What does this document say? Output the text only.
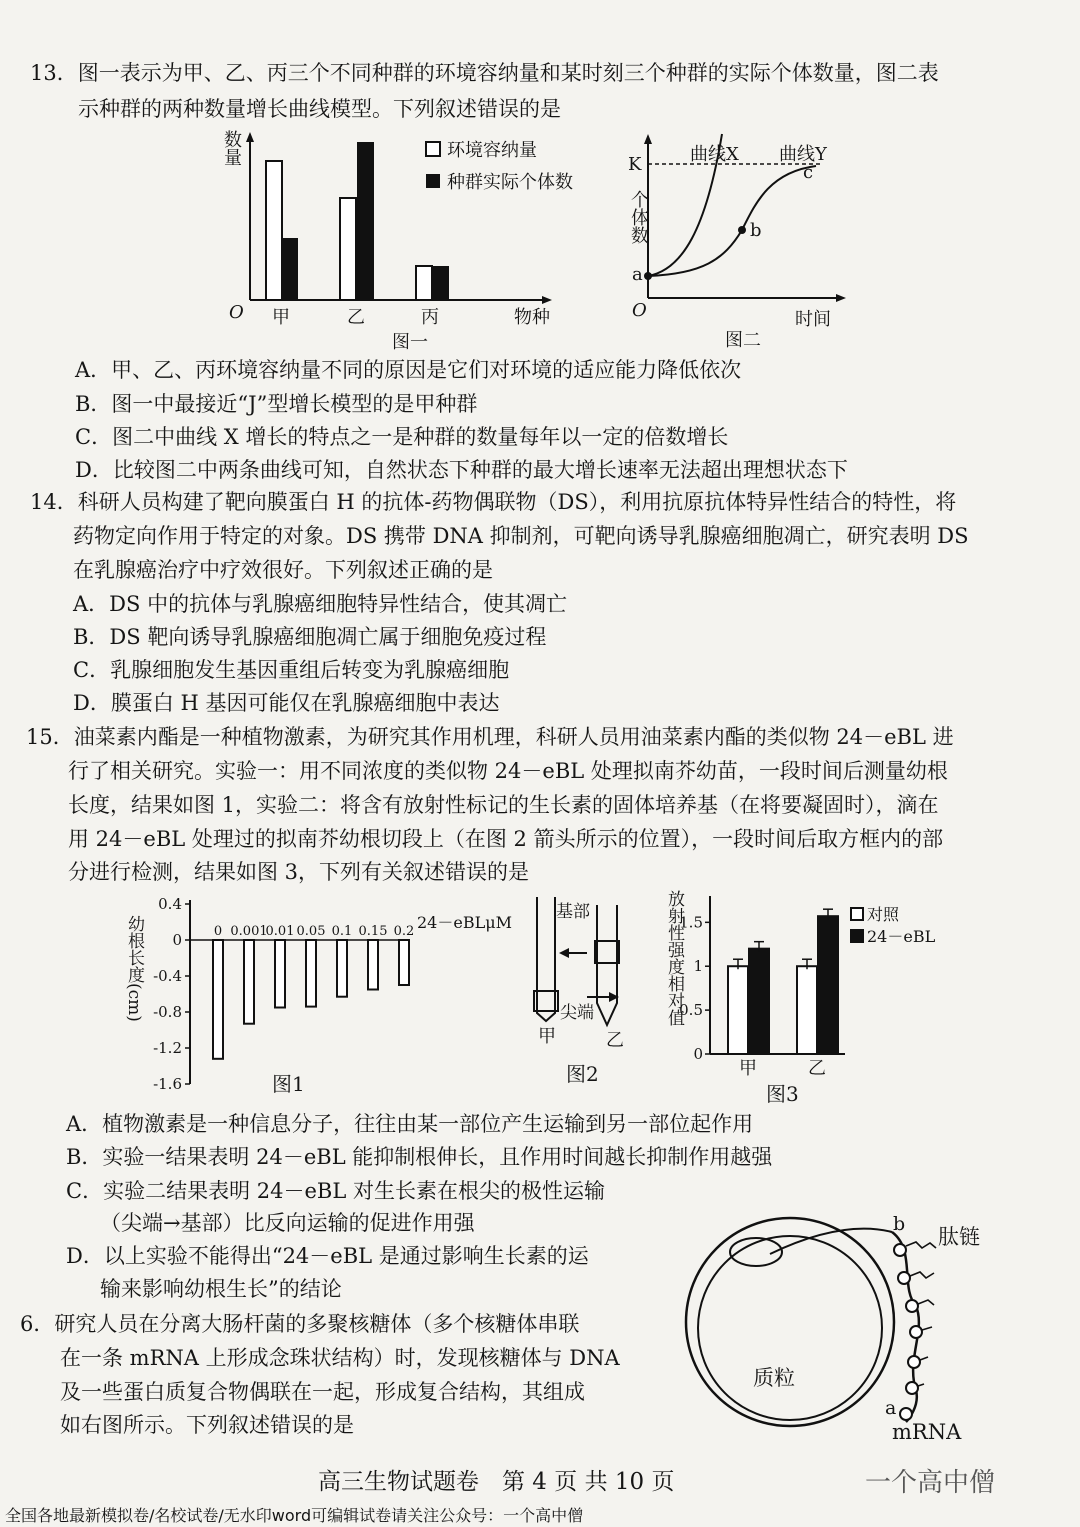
13．图一表示为甲、乙、丙三个不同种群的环境容纳量和某时刻三个种群的实际个体数量，图二表
示种群的两种数量增长曲线模型。下列叙述错误的是
数量	环境容纳量
种群实际个体数
O 甲	乙	丙	物种
图一
个体数
K
a
b
c
曲线X 曲线Y
O	时间
图二
A．甲、乙、丙环境容纳量不同的原因是它们对环境的适应能力降低依次
B．图一中最接近“J”型增长模型的是甲种群
C．图二中曲线 X 增长的特点之一是种群的数量每年以一定的倍数增长
D．比较图二中两条曲线可知，自然状态下种群的最大增长速率无法超出理想状态下
14．科研人员构建了靶向膜蛋白 H 的抗体-药物偶联物（DS），利用抗原抗体特异性结合的特性，将
药物定向作用于特定的对象。DS 携带 DNA 抑制剂，可靶向诱导乳腺癌细胞凋亡，研究表明 DS
在乳腺癌治疗中疗效很好。下列叙述正确的是
A．DS 中的抗体与乳腺癌细胞特异性结合，使其凋亡
B．DS 靶向诱导乳腺癌细胞凋亡属于细胞免疫过程
C．乳腺细胞发生基因重组后转变为乳腺癌细胞
D．膜蛋白 H 基因可能仅在乳腺癌细胞中表达
15．油菜素内酯是一种植物激素，为研究其作用机理，科研人员用油菜素内酯的类似物 24－eBL 进
行了相关研究。实验一：用不同浓度的类似物 24－eBL 处理拟南芥幼苗，一段时间后测量幼根
长度，结果如图 1，实验二：将含有放射性标记的生长素的固体培养基（在将要凝固时），滴在
用 24－eBL 处理过的拟南芥幼根切段上（在图 2 箭头所示的位置），一段时间后取方框内的部
分进行检测，结果如图 3，下列有关叙述错误的是
0.4
0
-0.4
-0.8
-1.2
-1.6
0 0.001
0.01 0.05 0.1 0.15 0.2
幼根长度(cm)
图1
24－eBLμM
基部
尖端
甲	乙
图2
0
0.5
1
1.5
甲	乙
对照
24－eBL
放射性强度相对值
图3
A．植物激素是一种信息分子，往往由某一部位产生运输到另一部位起作用
B．实验一结果表明 24－eBL 能抑制根伸长，且作用时间越长抑制作用越强
C．实验二结果表明 24－eBL 对生长素在根尖的极性运输
（尖端→基部）比反向运输的促进作用强
D．以上实验不能得出“24－eBL 是通过影响生长素的运
输来影响幼根生长”的结论
6．研究人员在分离大肠杆菌的多聚核糖体（多个核糖体串联
在一条 mRNA 上形成念珠状结构）时，发现核糖体与 DNA
及一些蛋白质复合物偶联在一起，形成复合结构，其组成
如右图所示。下列叙述错误的是
b
肽链
质粒
a
mRNA
高三生物试题卷　第 4 页 共 10 页	一个高中僧
全国各地最新模拟卷/名校试卷/无水印word可编辑试卷请关注公众号：一个高中僧
